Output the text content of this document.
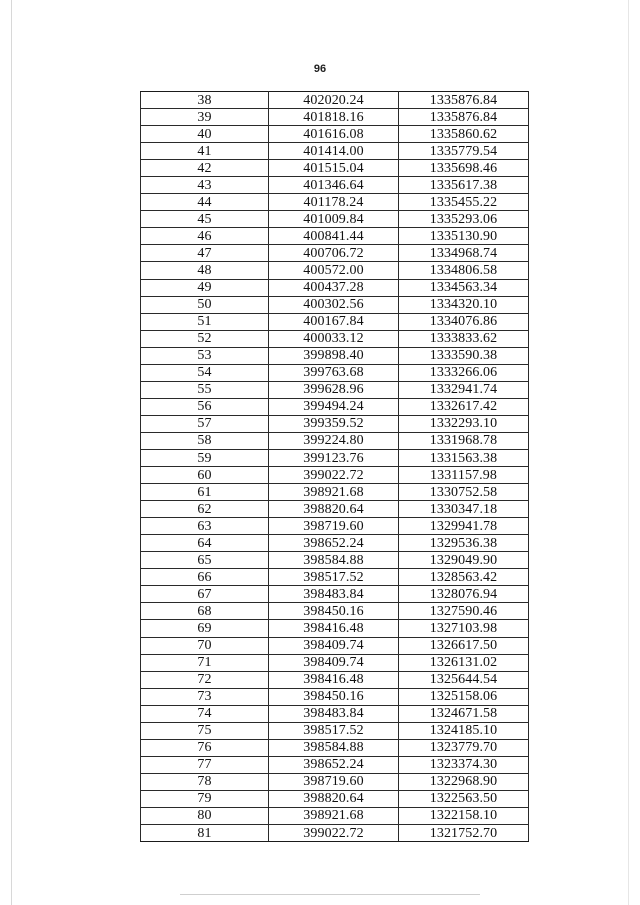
96
38	402020.24	1335876.84
39	401818.16	1335876.84
40	401616.08	1335860.62
41	401414.00	1335779.54
42	401515.04	1335698.46
43	401346.64	1335617.38
44	401178.24	1335455.22
45	401009.84	1335293.06
46	400841.44	1335130.90
47	400706.72	1334968.74
48	400572.00	1334806.58
49	400437.28	1334563.34
50	400302.56	1334320.10
51	400167.84	1334076.86
52	400033.12	1333833.62
53	399898.40	1333590.38
54	399763.68	1333266.06
55	399628.96	1332941.74
56	399494.24	1332617.42
57	399359.52	1332293.10
58	399224.80	1331968.78
59	399123.76	1331563.38
60	399022.72	1331157.98
61	398921.68	1330752.58
62	398820.64	1330347.18
63	398719.60	1329941.78
64	398652.24	1329536.38
65	398584.88	1329049.90
66	398517.52	1328563.42
67	398483.84	1328076.94
68	398450.16	1327590.46
69	398416.48	1327103.98
70	398409.74	1326617.50
71	398409.74	1326131.02
72	398416.48	1325644.54
73	398450.16	1325158.06
74	398483.84	1324671.58
75	398517.52	1324185.10
76	398584.88	1323779.70
77	398652.24	1323374.30
78	398719.60	1322968.90
79	398820.64	1322563.50
80	398921.68	1322158.10
81	399022.72	1321752.70
